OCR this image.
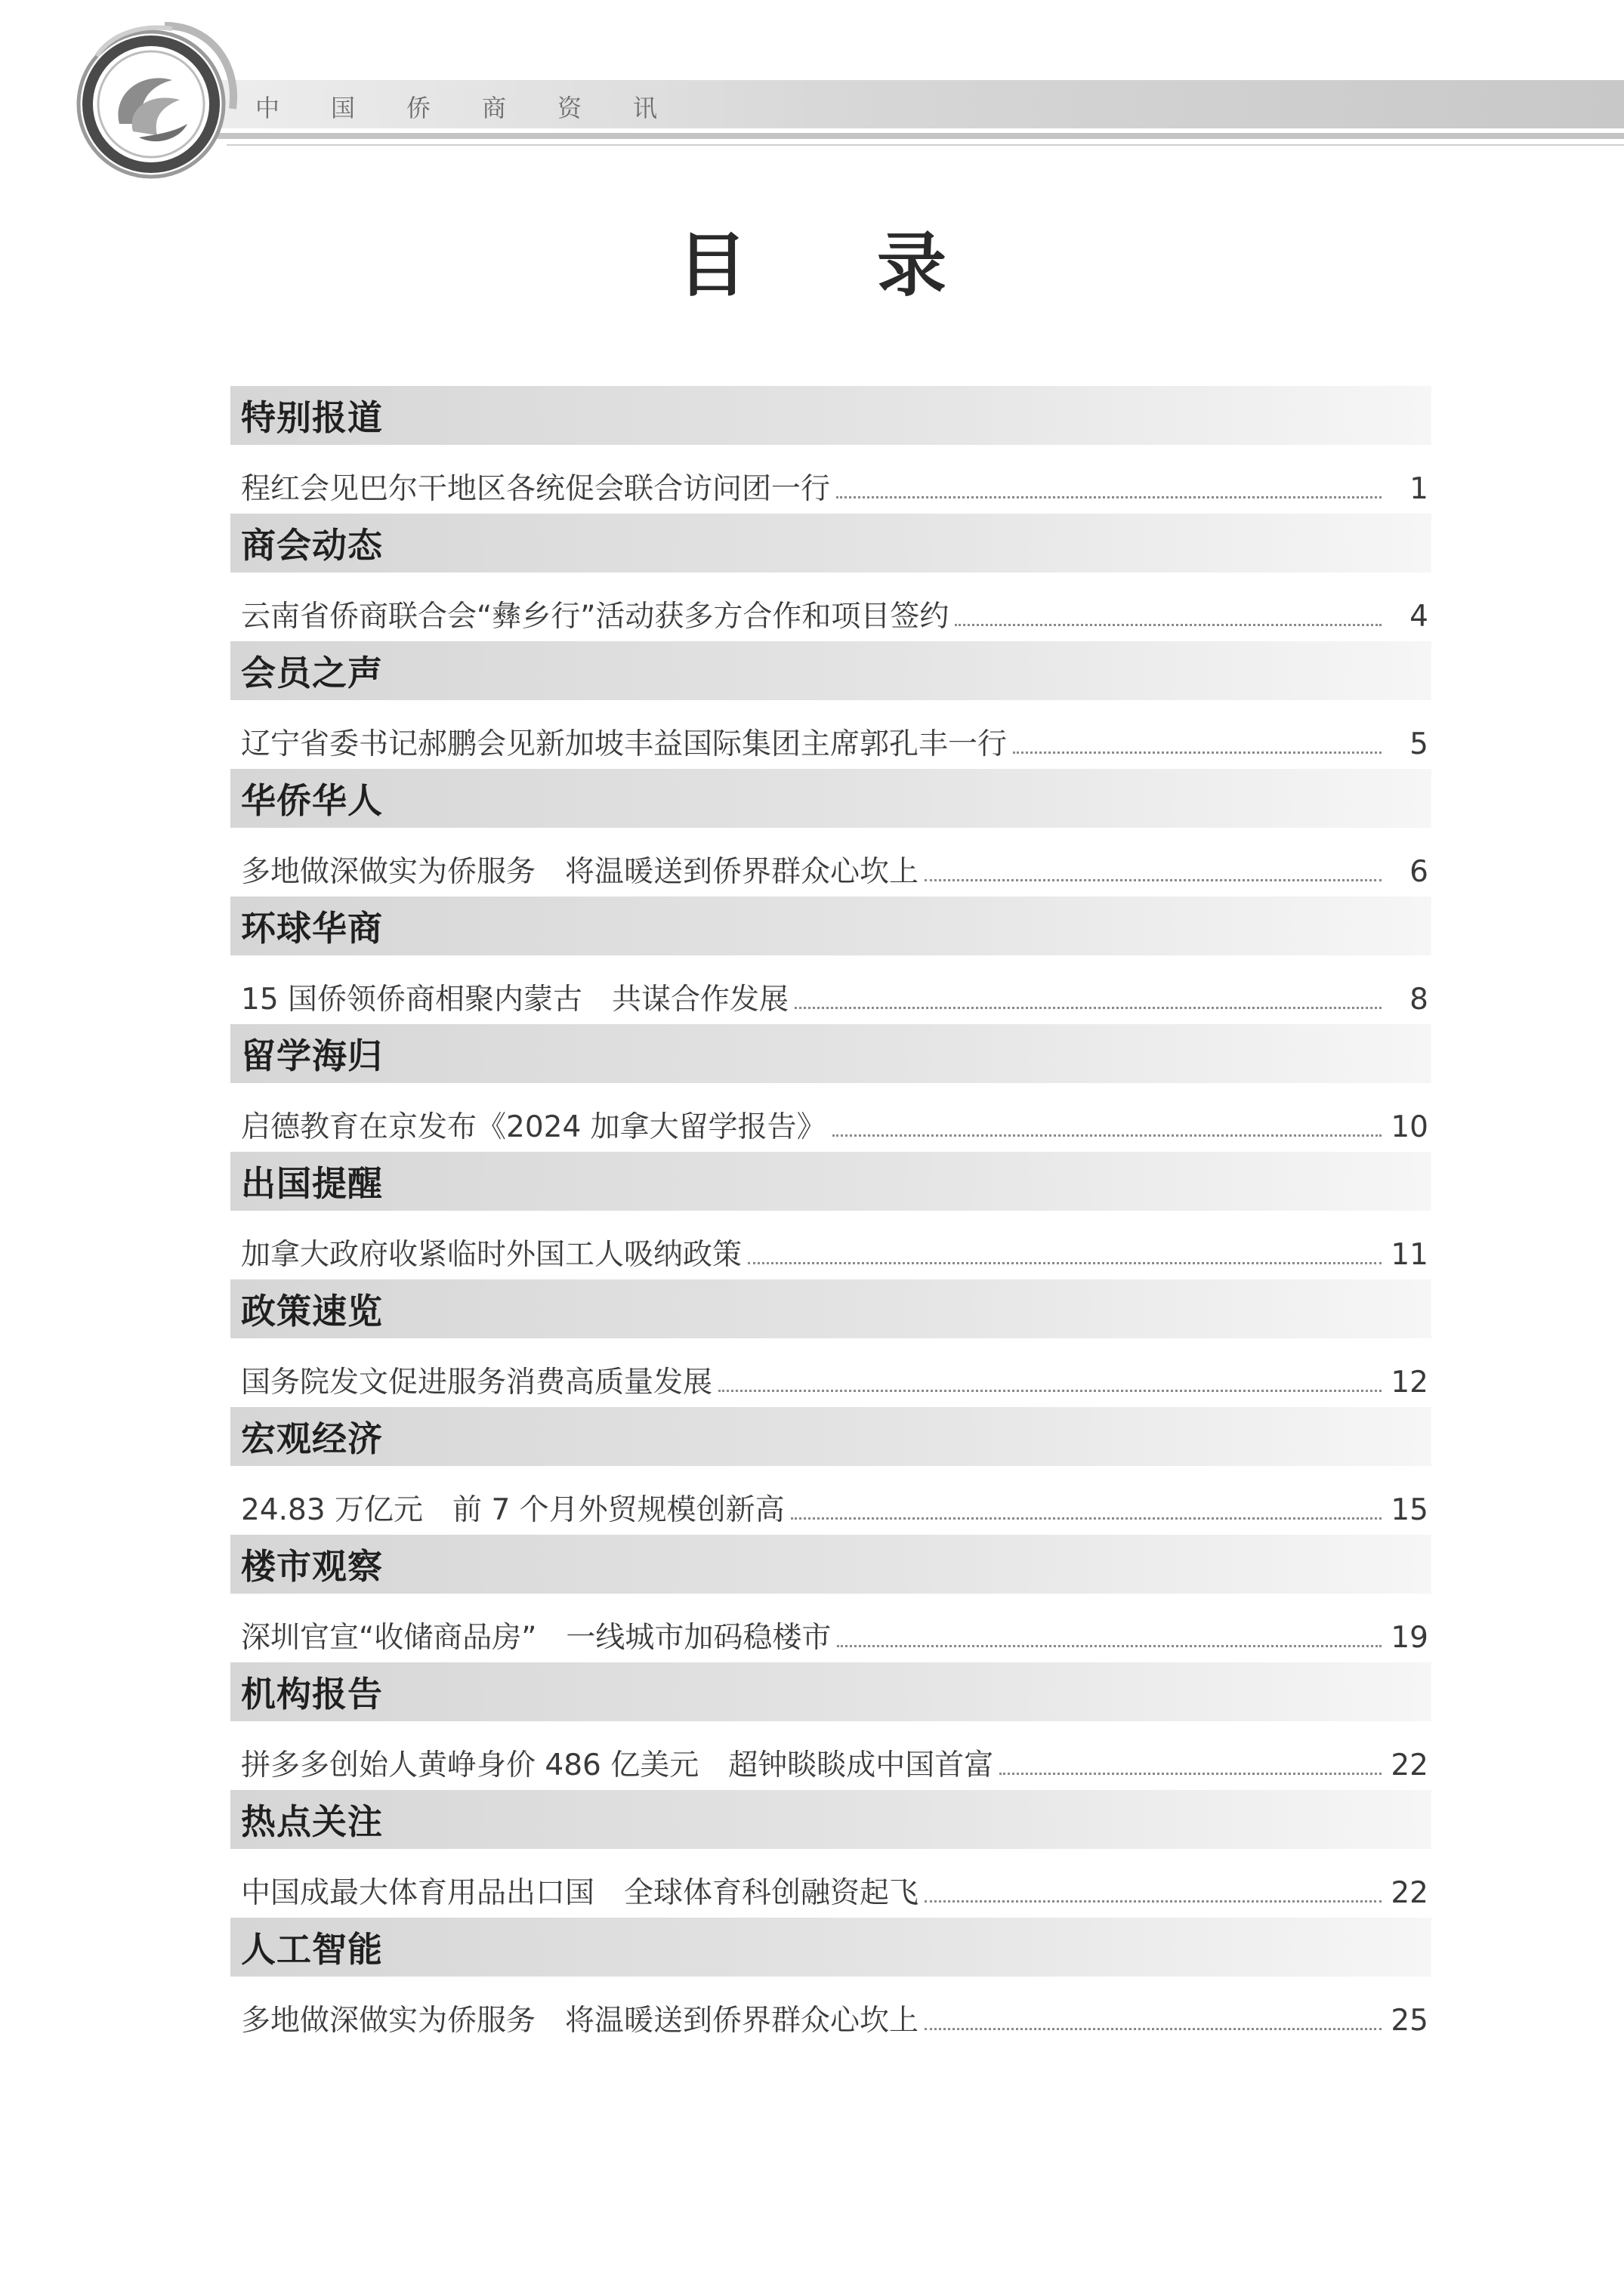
中	国	侨	商	资	讯
目 录
特别报道
程红会见巴尔干地区各统促会联合访问团一行	1
商会动态
云南省侨商联合会“彝乡行”活动获多方合作和项目签约	4
会员之声
辽宁省委书记郝鹏会见新加坡丰益国际集团主席郭孔丰一行	5
华侨华人
多地做深做实为侨服务　将温暖送到侨界群众心坎上	6
环球华商
15 国侨领侨商相聚内蒙古　共谋合作发展	8
留学海归
启德教育在京发布《2024 加拿大留学报告》	10
出国提醒
加拿大政府收紧临时外国工人吸纳政策	11
政策速览
国务院发文促进服务消费高质量发展	12
宏观经济
24.83 万亿元　前 7 个月外贸规模创新高	15
楼市观察
深圳官宣“收储商品房”　一线城市加码稳楼市	19
机构报告
拼多多创始人黄峥身价 486 亿美元　超钟睒睒成中国首富	22
热点关注
中国成最大体育用品出口国　全球体育科创融资起飞	22
人工智能
多地做深做实为侨服务　将温暖送到侨界群众心坎上	25
